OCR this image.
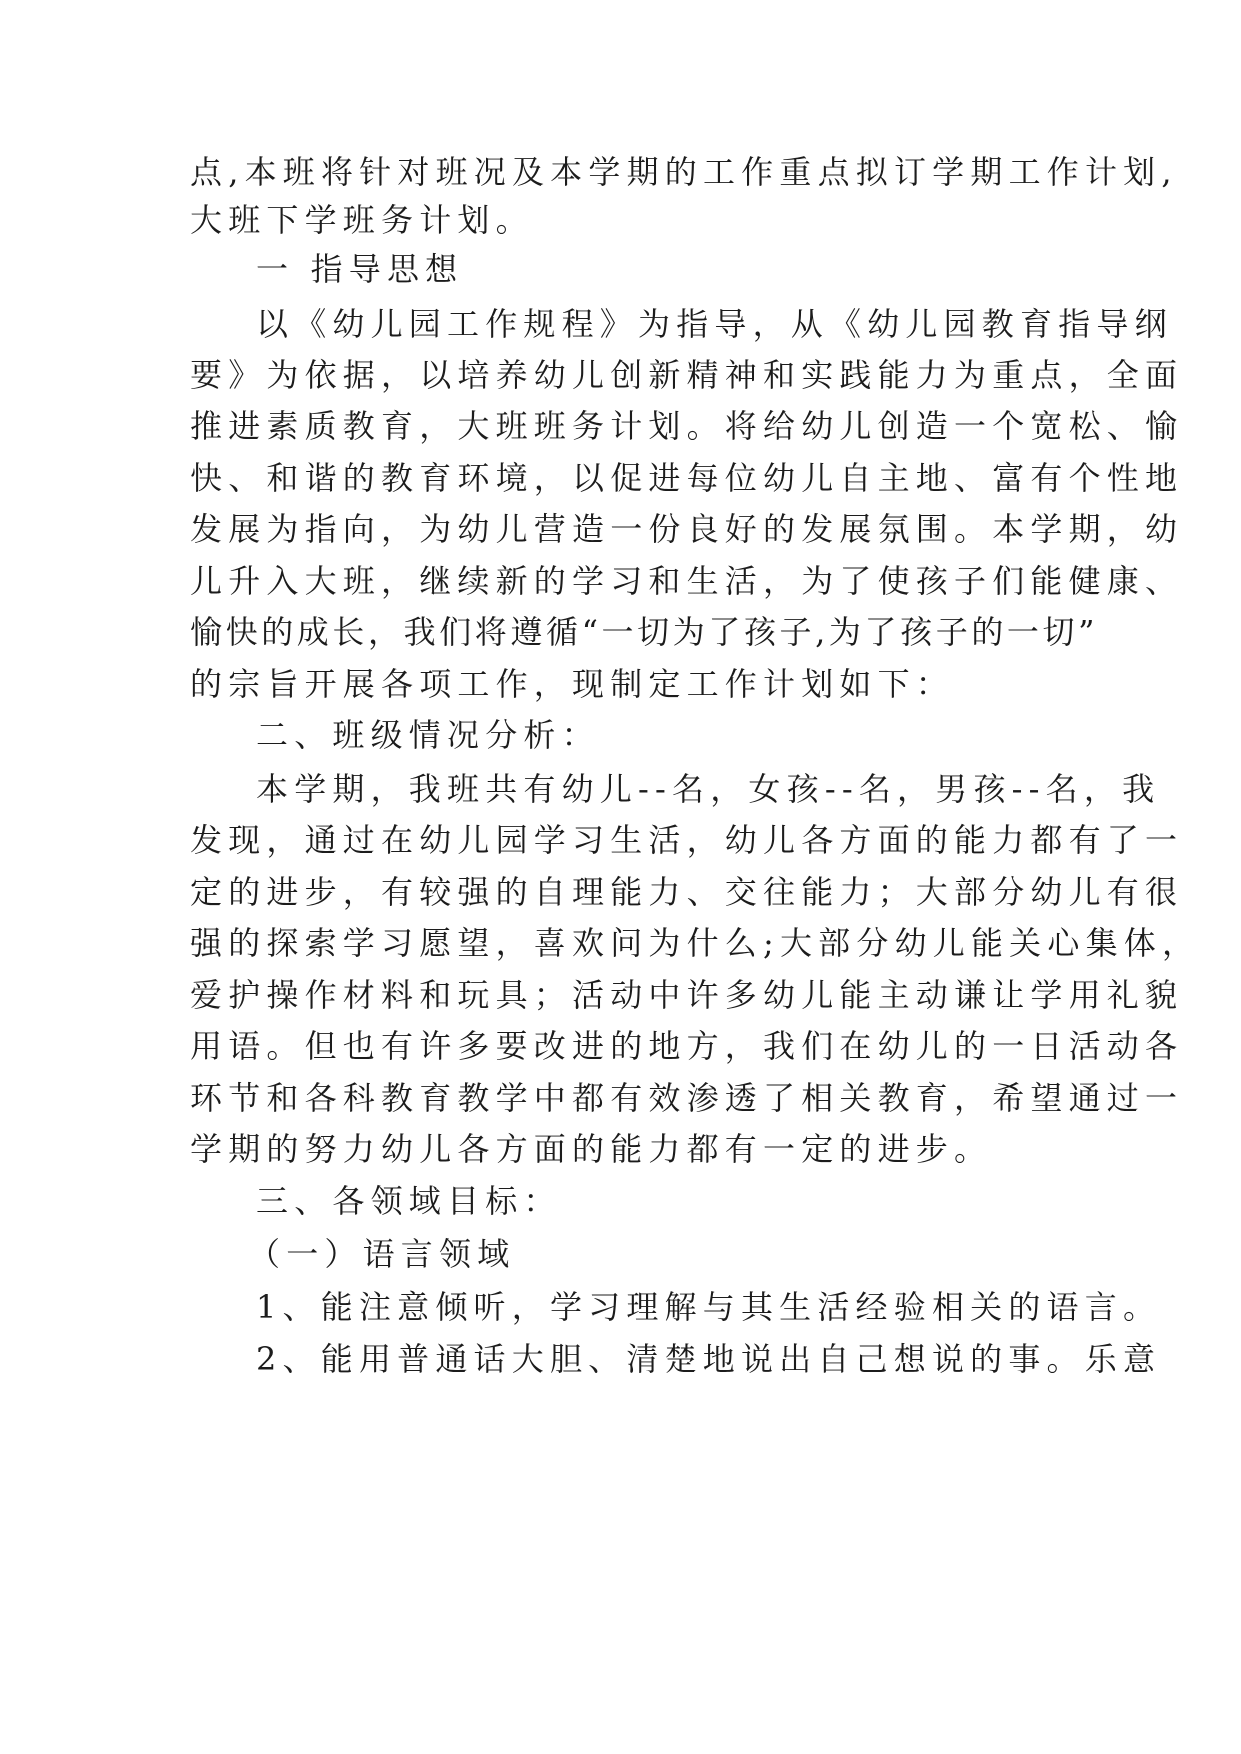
点,本班将针对班况及本学期的工作重点拟订学期工作计划,
大班下学班务计划。
一 指导思想
以《幼儿园工作规程》为指导，从《幼儿园教育指导纲
要》为依据，以培养幼儿创新精神和实践能力为重点，全面
推进素质教育，大班班务计划。将给幼儿创造一个宽松、愉
快、和谐的教育环境，以促进每位幼儿自主地、富有个性地
发展为指向，为幼儿营造一份良好的发展氛围。本学期，幼
儿升入大班，继续新的学习和生活，为了使孩子们能健康、
愉快的成长，我们将遵循“一切为了孩子,为了孩子的一切”
的宗旨开展各项工作，现制定工作计划如下：
二、班级情况分析：
本学期，我班共有幼儿--名，女孩--名，男孩--名，我
发现，通过在幼儿园学习生活，幼儿各方面的能力都有了一
定的进步，有较强的自理能力、交往能力；大部分幼儿有很
强的探索学习愿望，喜欢问为什么;大部分幼儿能关心集体，
爱护操作材料和玩具；活动中许多幼儿能主动谦让学用礼貌
用语。但也有许多要改进的地方，我们在幼儿的一日活动各
环节和各科教育教学中都有效渗透了相关教育，希望通过一
学期的努力幼儿各方面的能力都有一定的进步。
三、各领域目标：
（一）语言领域
1、能注意倾听，学习理解与其生活经验相关的语言。
2、能用普通话大胆、清楚地说出自己想说的事。乐意
